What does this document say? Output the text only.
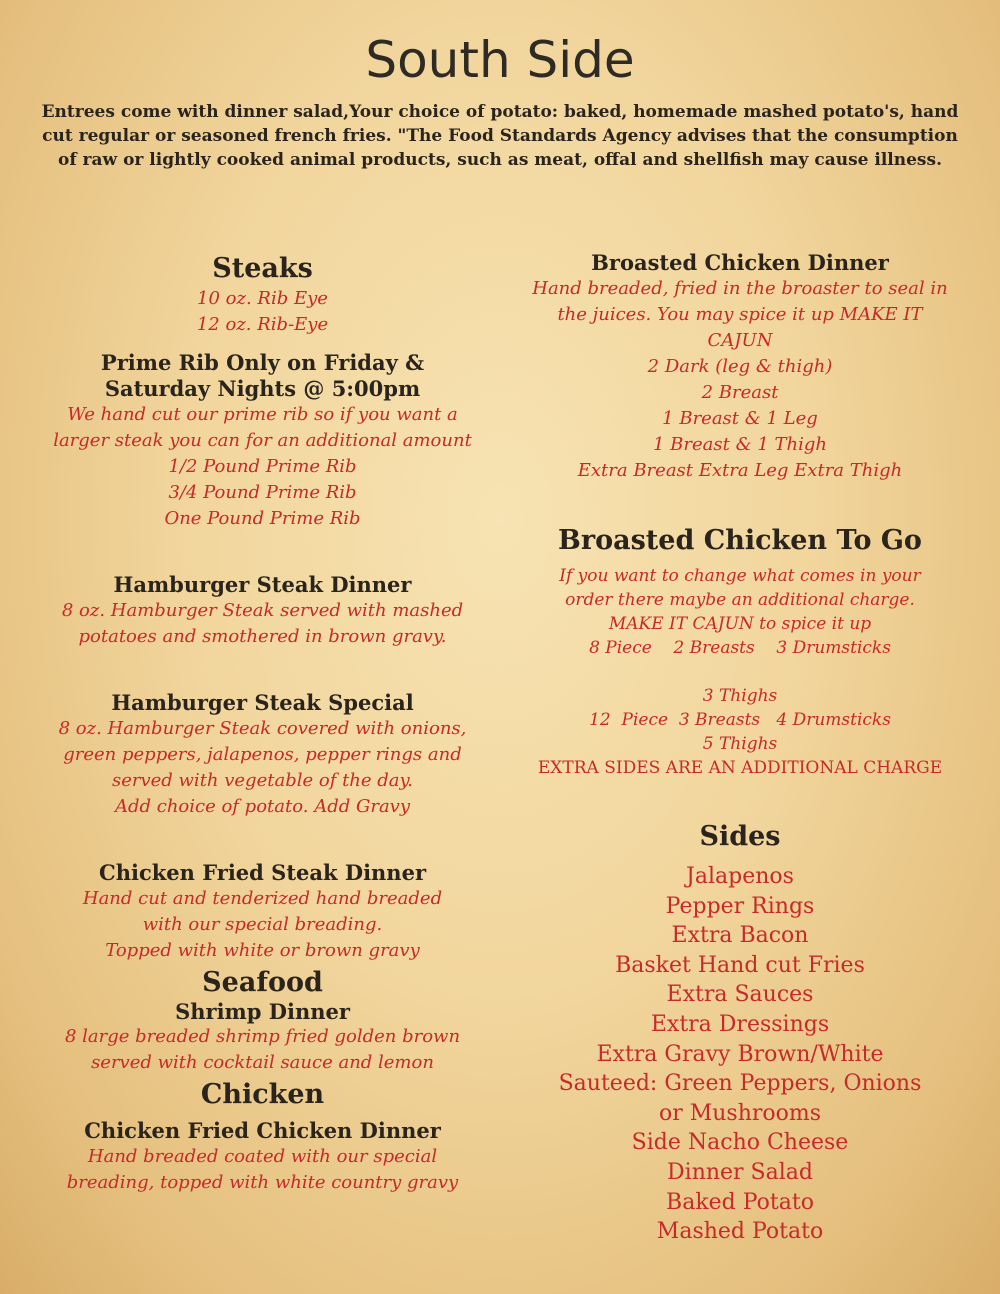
South Side
Entrees come with dinner salad,Your choice of potato: baked, homemade mashed potato's, hand cut regular or seasoned french fries. "The Food Standards Agency advises that the consumption of raw or lightly cooked animal products, such as meat, offal and shellfish may cause illness.
Steaks
10 oz. Rib Eye
12 oz. Rib-Eye
Prime Rib Only on Friday & Saturday Nights @ 5:00pm
We hand cut our prime rib so if you want a larger steak you can for an additional amount
1/2 Pound Prime Rib
3/4 Pound Prime Rib
One Pound Prime Rib
Hamburger Steak Dinner
8 oz. Hamburger Steak served with mashed potatoes and smothered in brown gravy.
Hamburger Steak Special
8 oz. Hamburger Steak covered with onions, green peppers, jalapenos, pepper rings and served with vegetable of the day.
Add choice of potato. Add Gravy
Chicken Fried Steak Dinner
Hand cut and tenderized hand breaded with our special breading.
Topped with white or brown gravy
Seafood
Shrimp Dinner
8 large breaded shrimp fried golden brown served with cocktail sauce and lemon
Chicken
Chicken Fried Chicken Dinner
Hand breaded coated with our special breading, topped with white country gravy
Broasted Chicken Dinner
Hand breaded, fried in the broaster to seal in the juices. You may spice it up MAKE IT CAJUN
2 Dark (leg & thigh)
2 Breast
1 Breast & 1 Leg
1 Breast & 1 Thigh
Extra Breast Extra Leg Extra Thigh
Broasted Chicken To Go
If you want to change what comes in your order there maybe an additional charge. MAKE IT CAJUN to spice it up
8 Piece    2 Breasts    3 Drumsticks
3 Thighs
12  Piece  3 Breasts   4 Drumsticks
5 Thighs
EXTRA SIDES ARE AN ADDITIONAL CHARGE
Sides
Jalapenos
Pepper Rings
Extra Bacon
Basket Hand cut Fries
Extra Sauces
Extra Dressings
Extra Gravy Brown/White
Sauteed: Green Peppers, Onions
or Mushrooms
Side Nacho Cheese
Dinner Salad
Baked Potato
Mashed Potato
